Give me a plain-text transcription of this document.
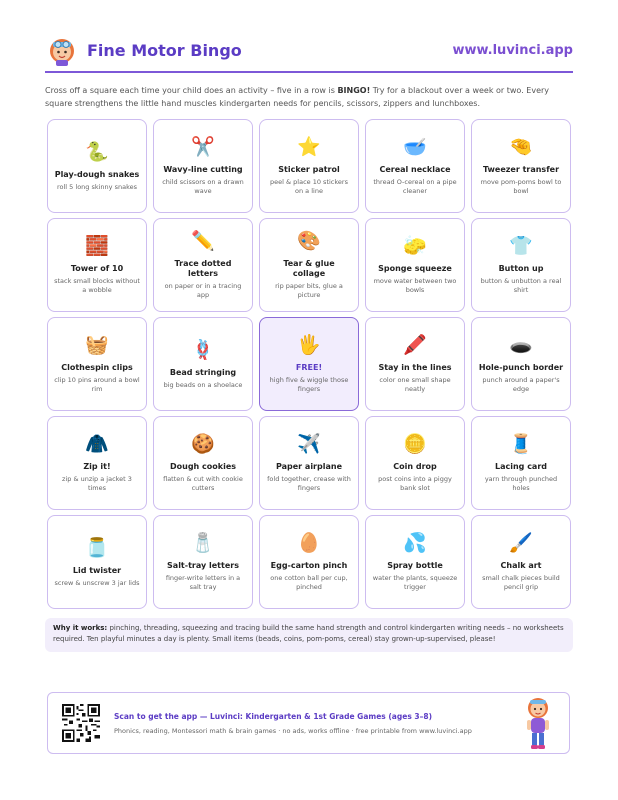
Fine Motor Bingo	www.luvinci.app

Cross off a square each time your child does an activity – five in a row is BINGO! Try for a blackout over a week or two. Every square strengthens the little hand muscles kindergarten needs for pencils, scissors, zippers and lunchboxes.

🐍
Play-dough snakes
roll 5 long skinny snakes
✂️
Wavy-line cutting
child scissors on a drawn wave
⭐
Sticker patrol
peel & place 10 stickers on a line
🥣
Cereal necklace
thread O-cereal on a pipe cleaner
🤏
Tweezer transfer
move pom-poms bowl to bowl
🧱
Tower of 10
stack small blocks without a wobble
✏️
Trace dotted letters
on paper or in a tracing app
🎨
Tear & glue collage
rip paper bits, glue a picture
🧽
Sponge squeeze
move water between two bowls
👕
Button up
button & unbutton a real shirt
🧺
Clothespin clips
clip 10 pins around a bowl rim
🪢
Bead stringing
big beads on a shoelace
🖐️
FREE!
high five & wiggle those fingers
🖍️
Stay in the lines
color one small shape neatly
🕳️
Hole-punch border
punch around a paper's edge
🧥
Zip it!
zip & unzip a jacket 3 times
🍪
Dough cookies
flatten & cut with cookie cutters
✈️
Paper airplane
fold together, crease with fingers
🪙
Coin drop
post coins into a piggy bank slot
🧵
Lacing card
yarn through punched holes
🫙
Lid twister
screw & unscrew 3 jar lids
🧂
Salt-tray letters
finger-write letters in a salt tray
🥚
Egg-carton pinch
one cotton ball per cup, pinched
💦
Spray bottle
water the plants, squeeze trigger
🖌️
Chalk art
small chalk pieces build pencil grip
Why it works: pinching, threading, squeezing and tracing build the same hand strength and control kindergarten writing needs – no worksheets required. Ten playful minutes a day is plenty. Small items (beads, coins, pom-poms, cereal) stay grown-up-supervised, please!
Scan to get the app — Luvinci: Kindergarten & 1st Grade Games (ages 3–8)
Phonics, reading, Montessori math & brain games · no ads, works offline · free printable from www.luvinci.app
